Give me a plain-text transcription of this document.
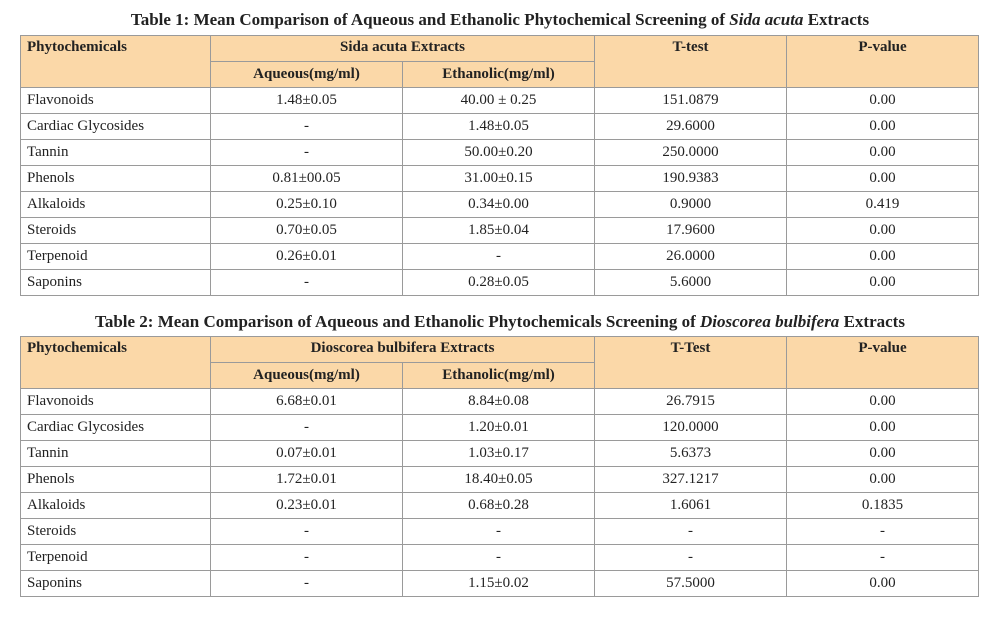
Table 1: Mean Comparison of Aqueous and Ethanolic Phytochemical Screening of Sida acuta Extracts
Phytochemicals	Sida acuta Extracts		T-test	P-value
	Aqueous(mg/ml)	Ethanolic(mg/ml)		
Flavonoids	1.48±0.05	40.00 ± 0.25	151.0879	0.00
Cardiac Glycosides	-	1.48±0.05	29.6000	0.00
Tannin	-	50.00±0.20	250.0000	0.00
Phenols	0.81±00.05	31.00±0.15	190.9383	0.00
Alkaloids	0.25±0.10	0.34±0.00	0.9000	0.419
Steroids	0.70±0.05	1.85±0.04	17.9600	0.00
Terpenoid	0.26±0.01	-	26.0000	0.00
Saponins	-	0.28±0.05	5.6000	0.00
Table 2: Mean Comparison of Aqueous and Ethanolic Phytochemicals Screening of Dioscorea bulbifera Extracts
Phytochemicals	Dioscorea bulbifera Extracts		T-Test	P-value
	Aqueous(mg/ml)	Ethanolic(mg/ml)		
Flavonoids	6.68±0.01	8.84±0.08	26.7915	0.00
Cardiac Glycosides	-	1.20±0.01	120.0000	0.00
Tannin	0.07±0.01	1.03±0.17	5.6373	0.00
Phenols	1.72±0.01	18.40±0.05	327.1217	0.00
Alkaloids	0.23±0.01	0.68±0.28	1.6061	0.1835
Steroids	-	-	-	-
Terpenoid	-	-	-	-
Saponins	-	1.15±0.02	57.5000	0.00
